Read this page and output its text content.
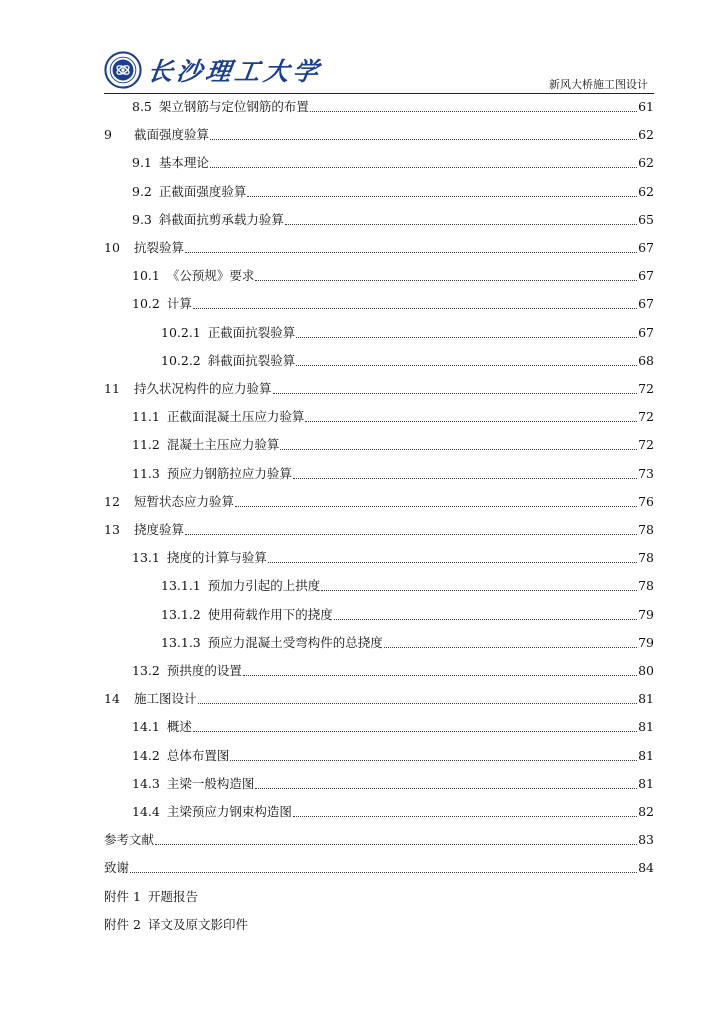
长沙理工大学	新风大桥施工图设计
8.5 架立钢筋与定位钢筋的布置	61
9	截面强度验算	62
9.1 基本理论	62
9.2 正截面强度验算	62
9.3 斜截面抗剪承载力验算	65
10	抗裂验算	67
10.1 《公预规》要求	67
10.2 计算	67
10.2.1 正截面抗裂验算	67
10.2.2 斜截面抗裂验算	68
11	持久状况构件的应力验算	72
11.1 正截面混凝土压应力验算	72
11.2 混凝土主压应力验算	72
11.3 预应力钢筋拉应力验算	73
12	短暂状态应力验算	76
13	挠度验算	78
13.1 挠度的计算与验算	78
13.1.1 预加力引起的上拱度	78
13.1.2 使用荷载作用下的挠度	79
13.1.3 预应力混凝土受弯构件的总挠度	79
13.2 预拱度的设置	80
14	施工图设计	81
14.1 概述	81
14.2 总体布置图	81
14.3 主梁一般构造图	81
14.4 主梁预应力钢束构造图	82
参考文献	83
致谢	84
附件 1 开题报告
附件 2 译文及原文影印件
